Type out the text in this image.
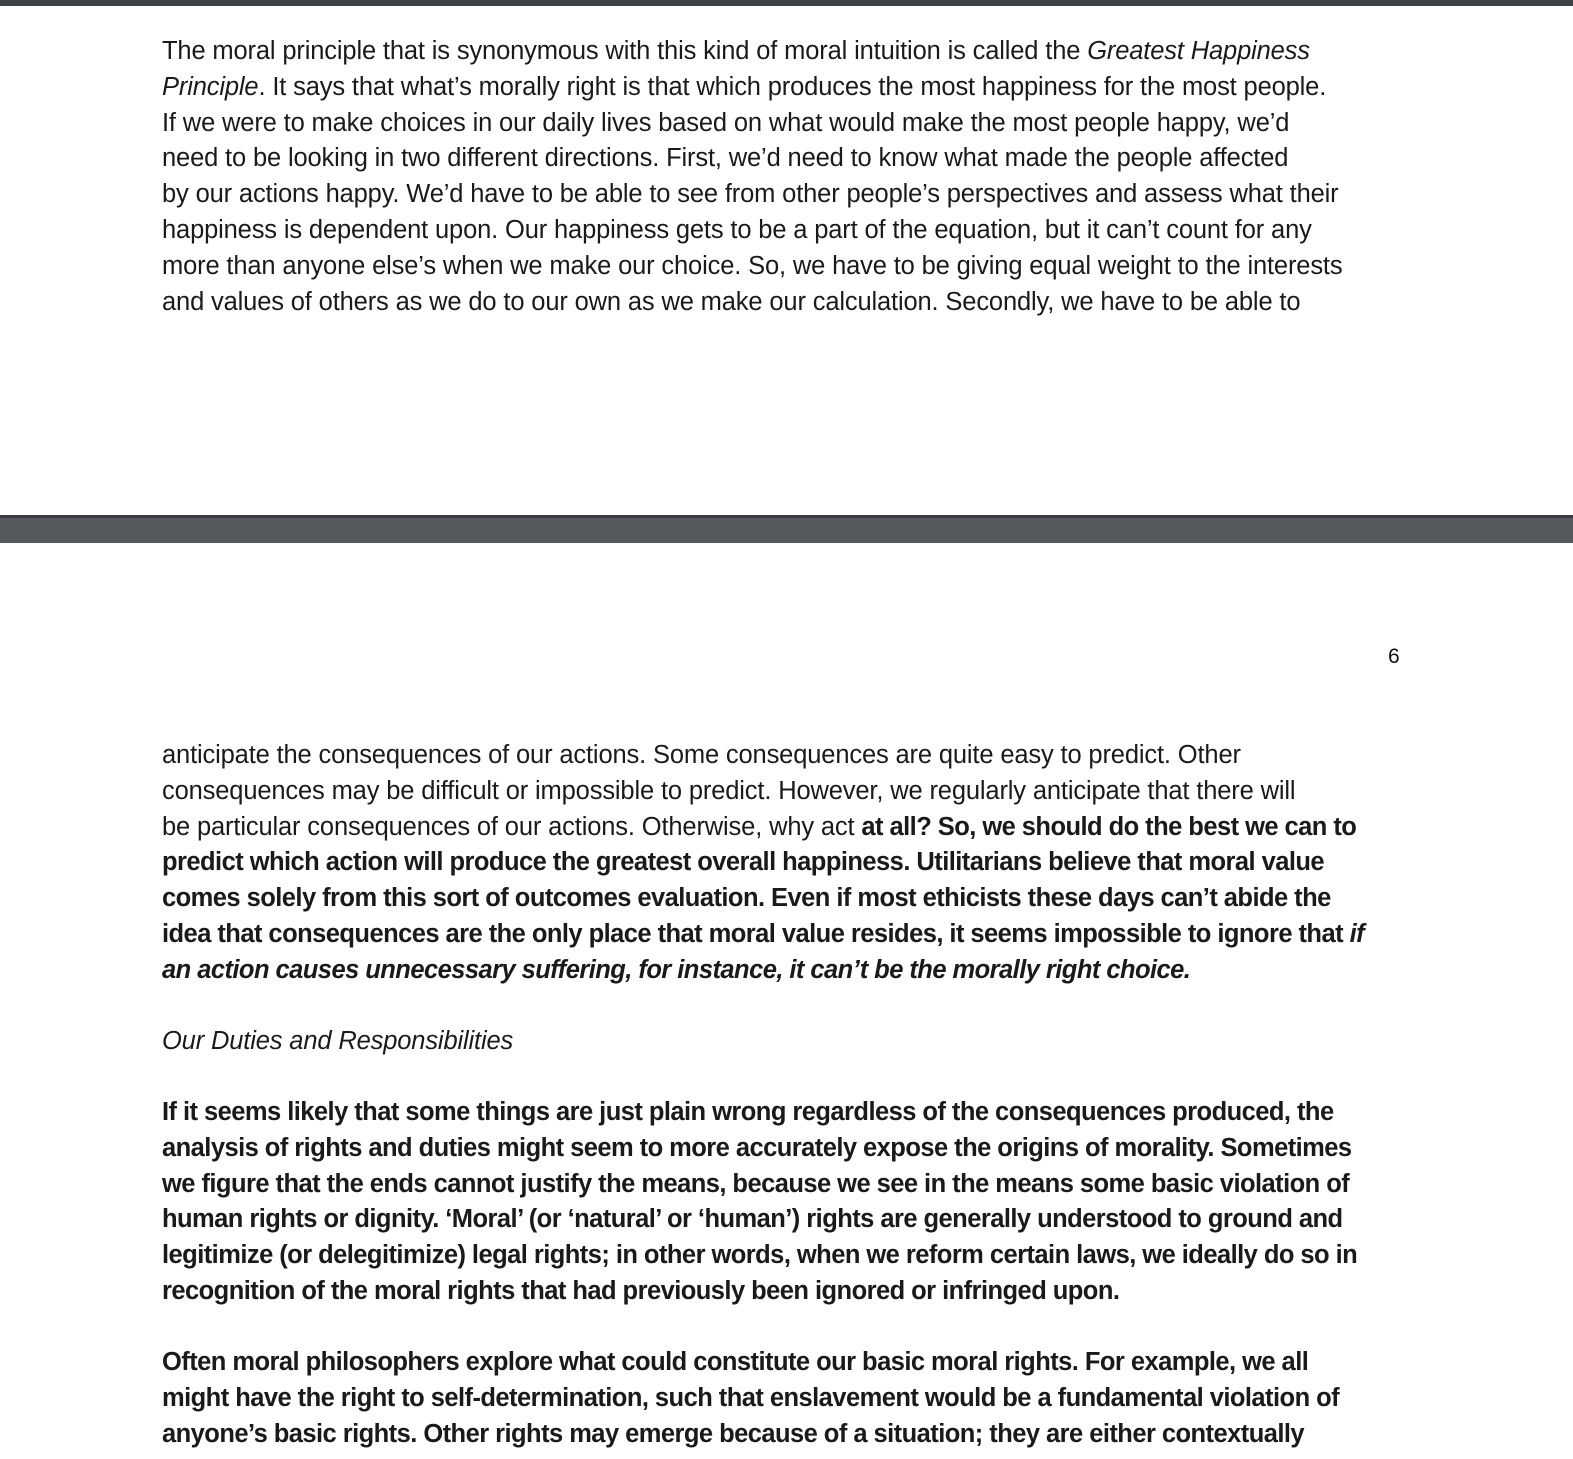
The moral principle that is synonymous with this kind of moral intuition is called the Greatest Happiness
Principle. It says that what’s morally right is that which produces the most happiness for the most people.
If we were to make choices in our daily lives based on what would make the most people happy, we’d
need to be looking in two different directions. First, we’d need to know what made the people affected
by our actions happy. We’d have to be able to see from other people’s perspectives and assess what their
happiness is dependent upon. Our happiness gets to be a part of the equation, but it can’t count for any
more than anyone else’s when we make our choice. So, we have to be giving equal weight to the interests
and values of others as we do to our own as we make our calculation. Secondly, we have to be able to
6
anticipate the consequences of our actions. Some consequences are quite easy to predict. Other
consequences may be difficult or impossible to predict. However, we regularly anticipate that there will
be particular consequences of our actions. Otherwise, why act at all? So, we should do the best we can to
predict which action will produce the greatest overall happiness. Utilitarians believe that moral value
comes solely from this sort of outcomes evaluation. Even if most ethicists these days can’t abide the
idea that consequences are the only place that moral value resides, it seems impossible to ignore that if
an action causes unnecessary suffering, for instance, it can’t be the morally right choice.
Our Duties and Responsibilities
If it seems likely that some things are just plain wrong regardless of the consequences produced, the
analysis of rights and duties might seem to more accurately expose the origins of morality. Sometimes
we figure that the ends cannot justify the means, because we see in the means some basic violation of
human rights or dignity. ‘Moral’ (or ‘natural’ or ‘human’) rights are generally understood to ground and
legitimize (or delegitimize) legal rights; in other words, when we reform certain laws, we ideally do so in
recognition of the moral rights that had previously been ignored or infringed upon.
Often moral philosophers explore what could constitute our basic moral rights. For example, we all
might have the right to self-determination, such that enslavement would be a fundamental violation of
anyone’s basic rights. Other rights may emerge because of a situation; they are either contextually
